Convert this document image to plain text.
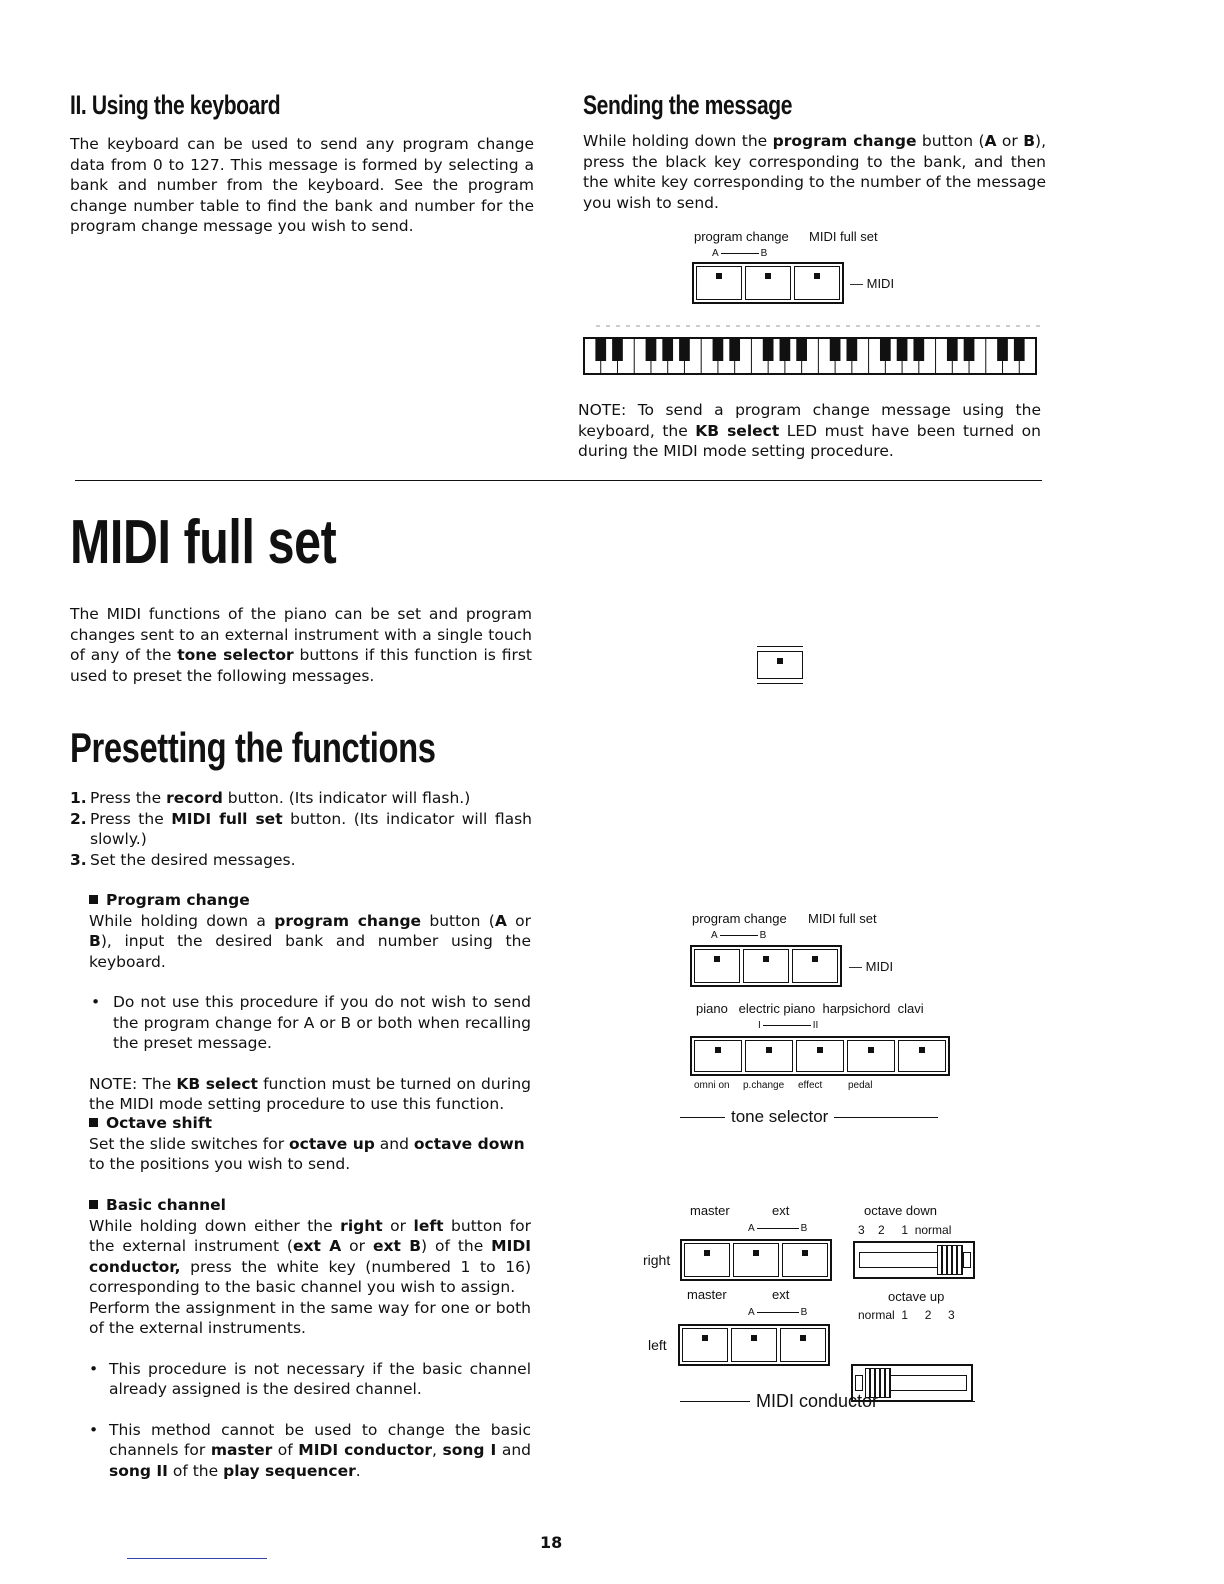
II. Using the keyboard
The keyboard can be used to send any program change data from 0 to 127. This message is formed by selecting a bank and number from the keyboard. See the program change number table to find the bank and number for the program change message you wish to send.
Sending the message
While holding down the program change button (A or B), press the black key corresponding to the bank, and then the white key corresponding to the number of the message you wish to send.
program change MIDI full set
A	B
— MIDI
NOTE: To send a program change message using the keyboard, the KB select LED must have been turned on during the MIDI mode setting procedure.
MIDI full set
The MIDI functions of the piano can be set and program changes sent to an external instrument with a single touch of any of the tone selector buttons if this function is first used to preset the following messages.
Presetting the functions
1. Press the record button. (Its indicator will flash.)
2. Press the MIDI full set button. (Its indicator will flash slowly.)
3. Set the desired messages.
Program change
While holding down a program change button (A or B), input the desired bank and number using the keyboard.
• Do not use this procedure if you do not wish to send the program change for A or B or both when recalling the preset message.
NOTE: The KB select function must be turned on during the MIDI mode setting procedure to use this function.
Octave shift
Set the slide switches for octave up and octave down to the positions you wish to send.
Basic channel
While holding down either the right or left button for the external instrument (ext A or ext B) of the MIDI conductor, press the white key (numbered 1 to 16) corresponding to the basic channel you wish to assign.
Perform the assignment in the same way for one or both of the external instruments.
• This procedure is not necessary if the basic channel already assigned is the desired channel.
• This method cannot be used to change the basic channels for master of MIDI conductor, song I and song II of the play sequencer.
program change MIDI full set
A	B
— MIDI
piano   electric piano  harpsichord  clavi
I	II
omni on p.change effect	pedal
tone selector
master	ext
A	B
octave down
3    2     1  normal
right
master	ext
A	B
octave up
normal  1     2     3
left
MIDI conductor
18
